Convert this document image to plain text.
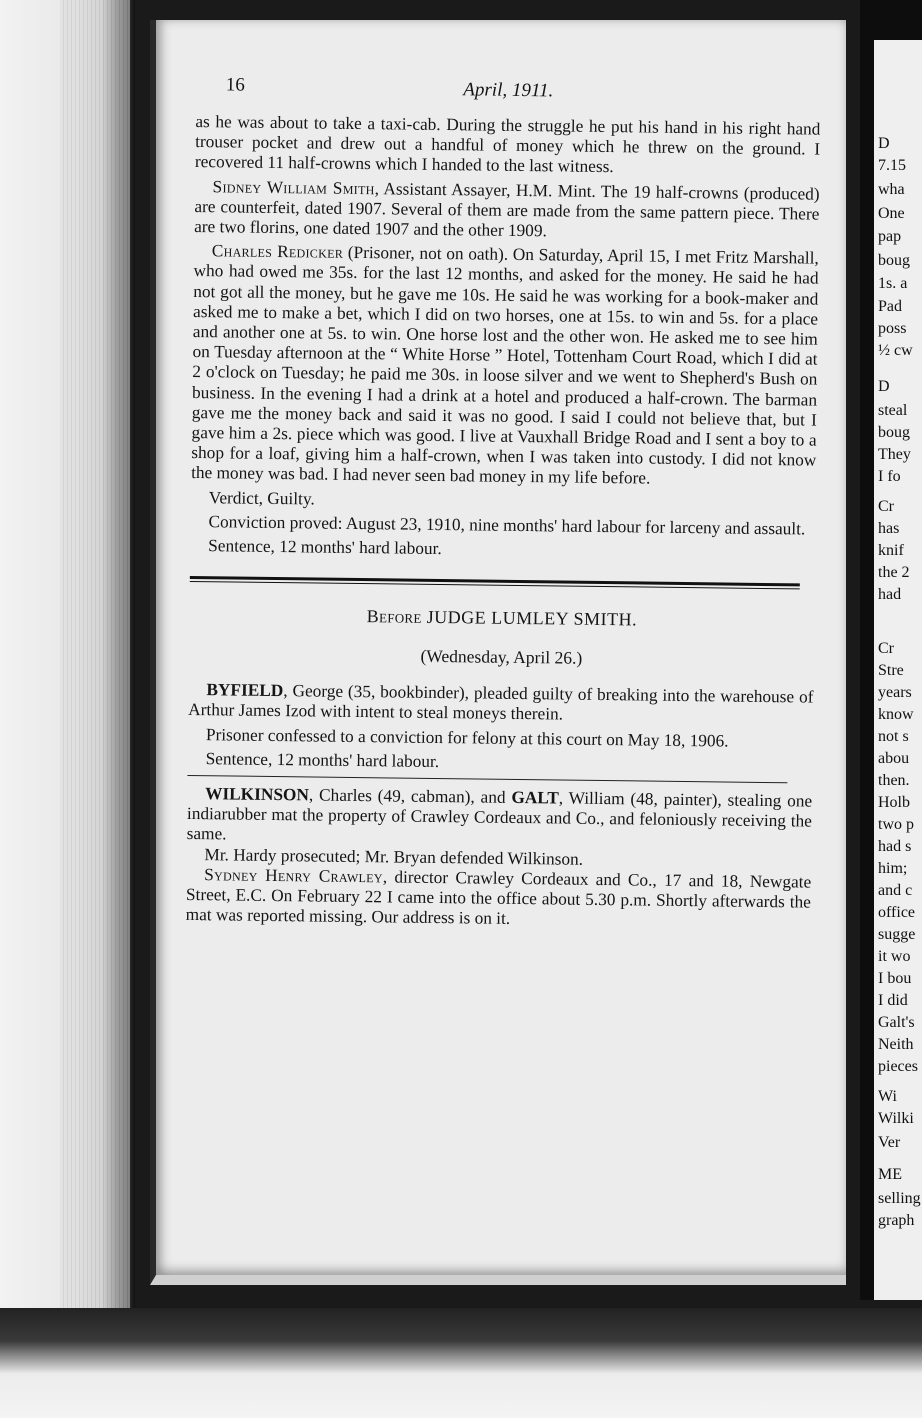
D
7.15
wha
One
pap
boug
1s. a
Pad
poss
½ cw
D
steal
boug
They
I fo
Cr
has
knif
the 2
had
Cr
Stre
years
know
not s
abou
then.
Holb
two p
had s
him;
and c
office
sugge
it wo
I bou
I did
Galt's
Neith
pieces
Wi
Wilki
Ver
ME
selling
graph
16	April, 1911.

as he was about to take a taxi-cab. During the struggle he put his hand in his right hand trouser pocket and drew out a handful of money which he threw on the ground. I recovered 11 half-crowns which I handed to the last witness.

Sidney William Smith, Assistant Assayer, H.M. Mint. The 19 half-crowns (produced) are counterfeit, dated 1907. Several of them are made from the same pattern piece. There are two florins, one dated 1907 and the other 1909.

Charles Redicker (Prisoner, not on oath). On Saturday, April 15, I met Fritz Marshall, who had owed me 35s. for the last 12 months, and asked for the money. He said he had not got all the money, but he gave me 10s. He said he was working for a book-maker and asked me to make a bet, which I did on two horses, one at 15s. to win and 5s. for a place and another one at 5s. to win. One horse lost and the other won. He asked me to see him on Tuesday afternoon at the “ White Horse ” Hotel, Tottenham Court Road, which I did at 2 o'clock on Tuesday; he paid me 30s. in loose silver and we went to Shepherd's Bush on business. In the evening I had a drink at a hotel and produced a half-crown. The barman gave me the money back and said it was no good. I said I could not believe that, but I gave him a 2s. piece which was good. I live at Vauxhall Bridge Road and I sent a boy to a shop for a loaf, giving him a half-crown, when I was taken into custody. I did not know the money was bad. I had never seen bad money in my life before.

Verdict, Guilty.

Conviction proved: August 23, 1910, nine months' hard labour for larceny and assault.

Sentence, 12 months' hard labour.

Before JUDGE LUMLEY SMITH.
(Wednesday, April 26.)

BYFIELD, George (35, bookbinder), pleaded guilty of breaking into the warehouse of Arthur James Izod with intent to steal moneys therein.

Prisoner confessed to a conviction for felony at this court on May 18, 1906.

Sentence, 12 months' hard labour.

WILKINSON, Charles (49, cabman), and GALT, William (48, painter), stealing one indiarubber mat the property of Crawley Cordeaux and Co., and feloniously receiving the same.

Mr. Hardy prosecuted; Mr. Bryan defended Wilkinson.

Sydney Henry Crawley, director Crawley Cordeaux and Co., 17 and 18, Newgate Street, E.C. On February 22 I came into the office about 5.30 p.m. Shortly afterwards the mat was reported missing. Our address is on it.
